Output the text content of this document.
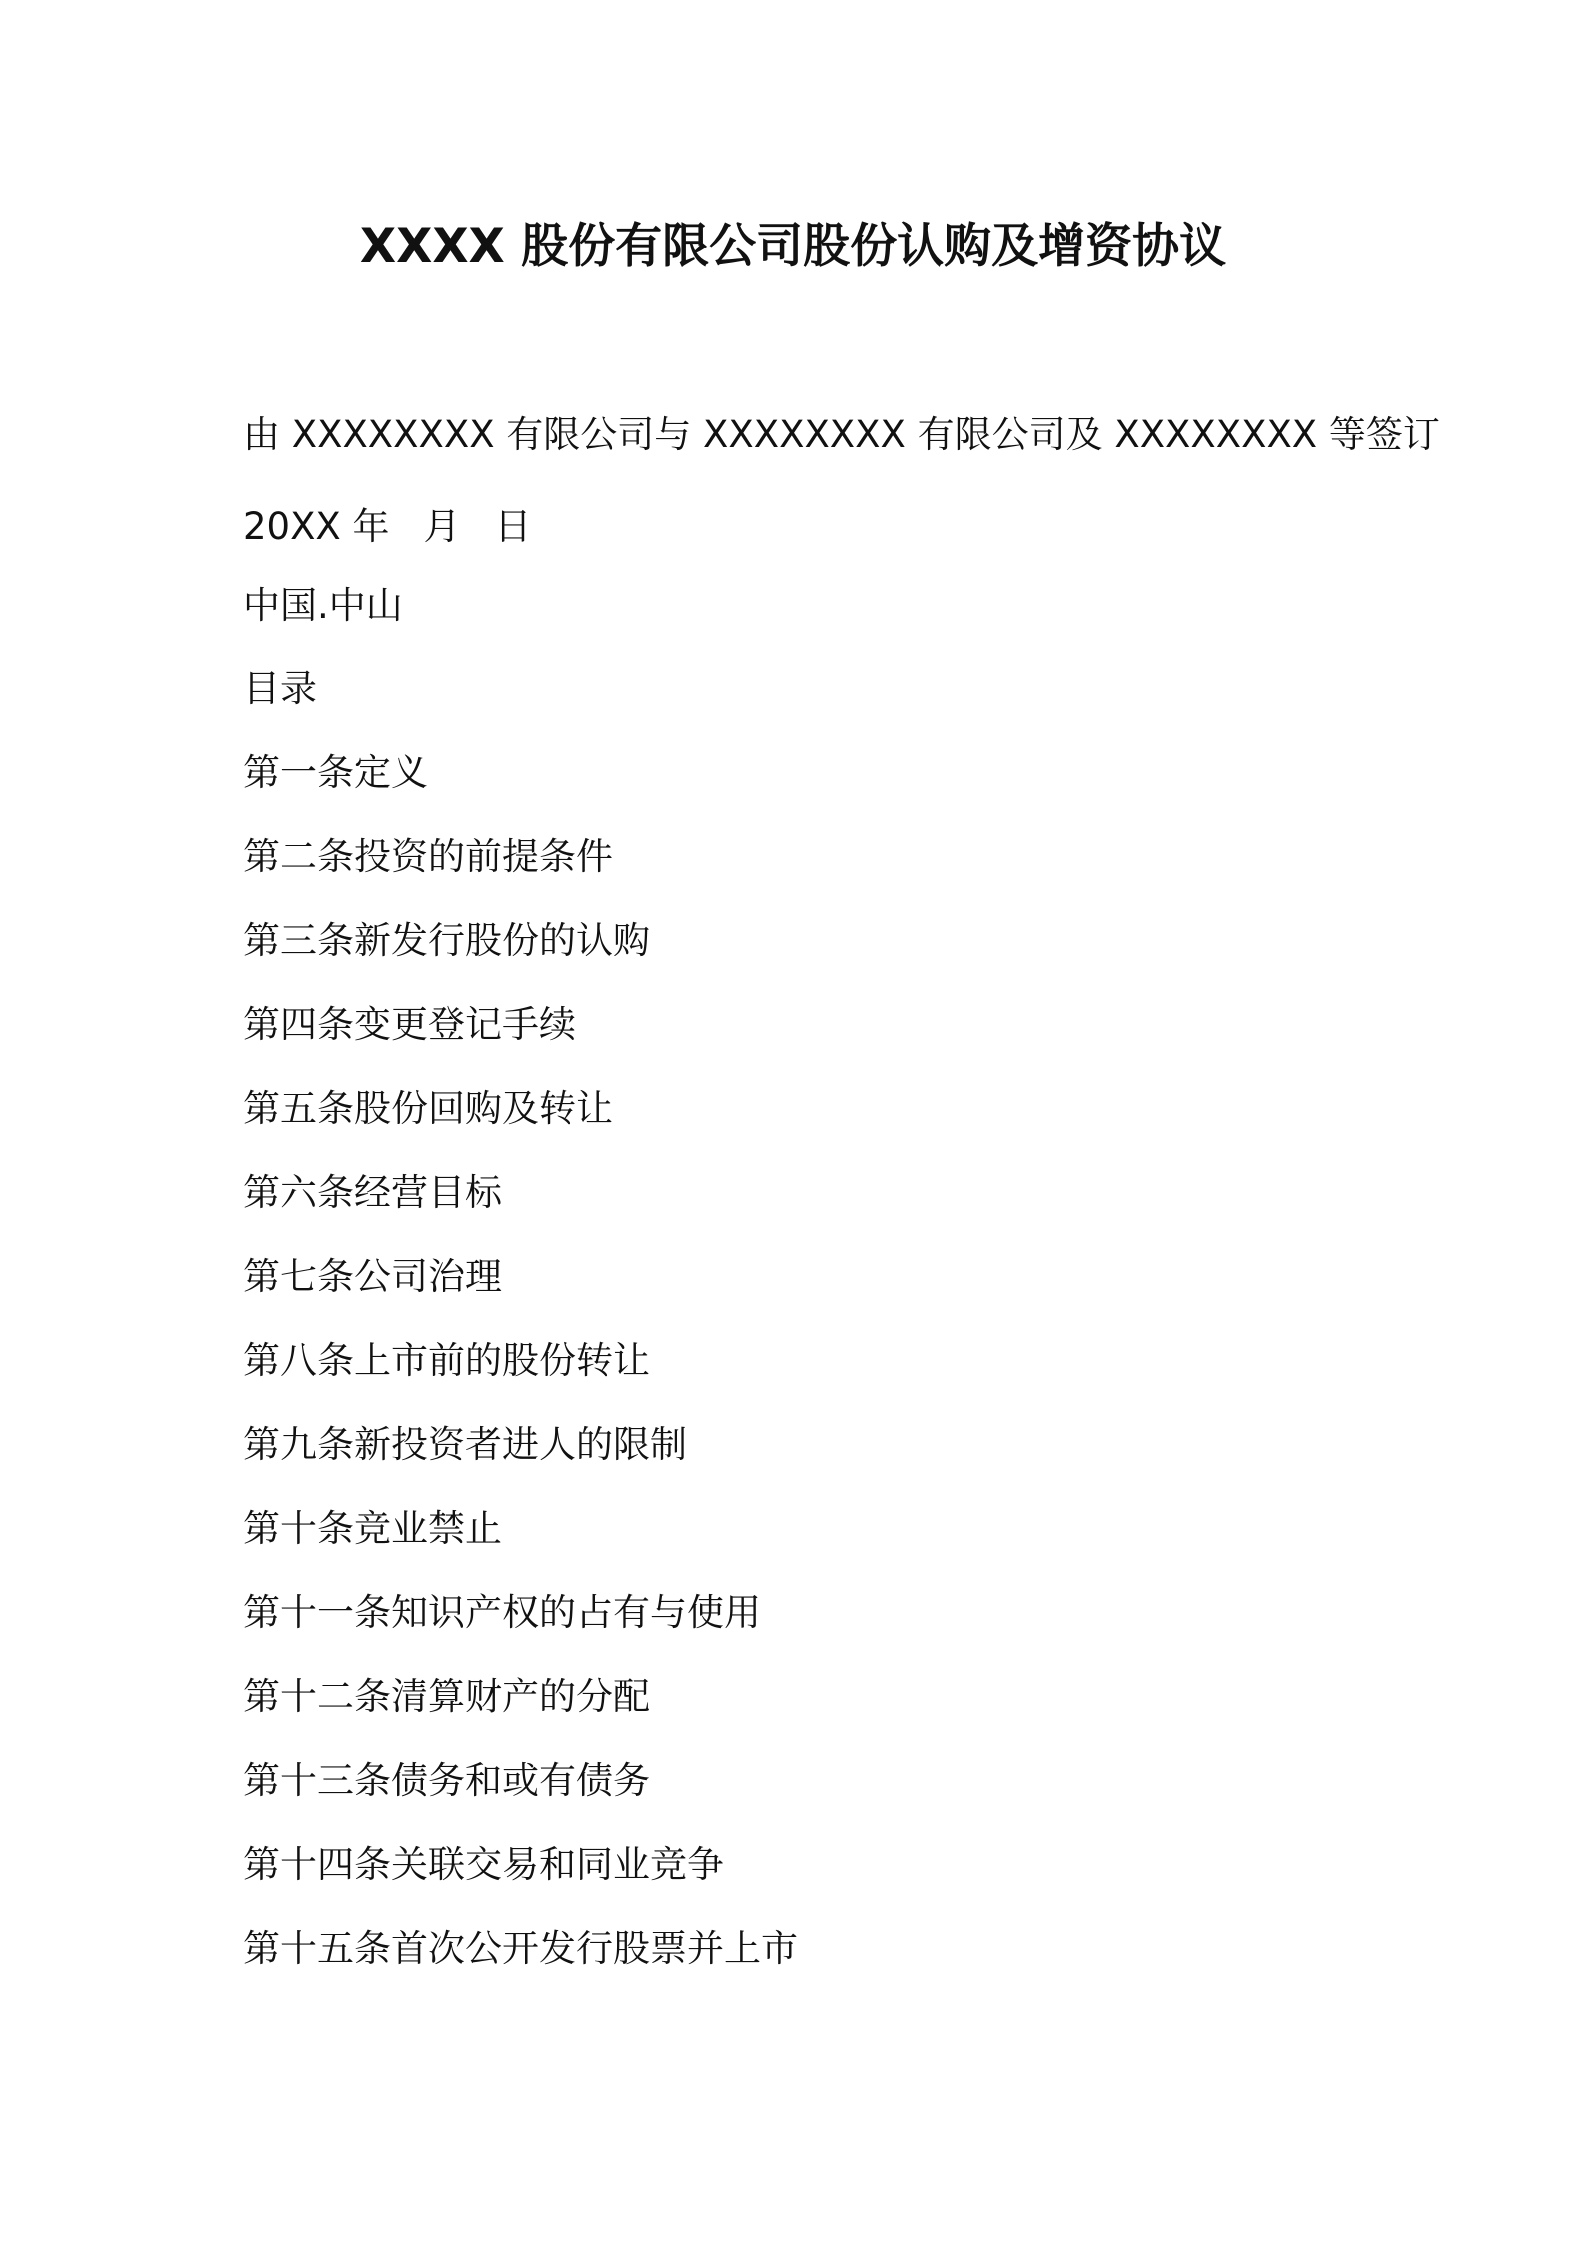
XXXX 股份有限公司股份认购及增资协议
由 XXXXXXXX 有限公司与 XXXXXXXX 有限公司及 XXXXXXXX 等签订
20XX 年 月 日
中国.中山
目录
第一条定义
第二条投资的前提条件
第三条新发行股份的认购
第四条变更登记手续
第五条股份回购及转让
第六条经营目标
第七条公司治理
第八条上市前的股份转让
第九条新投资者进人的限制
第十条竞业禁止
第十一条知识产权的占有与使用
第十二条清算财产的分配
第十三条债务和或有债务
第十四条关联交易和同业竞争
第十五条首次公开发行股票并上市
